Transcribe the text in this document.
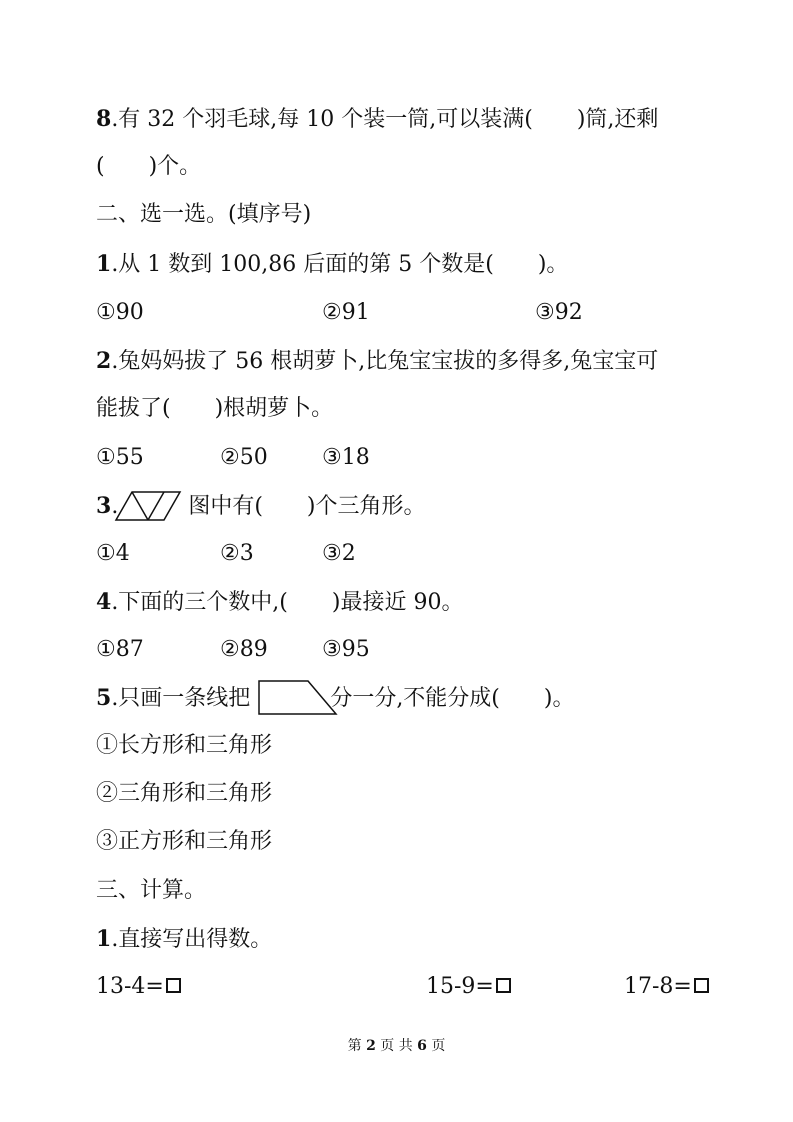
8.有 32 个羽毛球,每 10 个装一筒,可以装满(　　)筒,还剩
(　　)个。
二、选一选。(填序号)
1.从 1 数到 100,86 后面的第 5 个数是(　　)。
①90	②91	③92
2.兔妈妈拔了 56 根胡萝卜,比兔宝宝拔的多得多,兔宝宝可
能拔了(　　)根胡萝卜。
①55	②50 ③18
3.	图中有(　　)个三角形。
①4	②3	③2
4.下面的三个数中,(　　)最接近 90。
①87	②89 ③95
5.只画一条线把	分一分,不能分成(　　)。
①长方形和三角形
②三角形和三角形
③正方形和三角形
三、计算。
1.直接写出得数。
13-4=	15-9=	17-8=
第 2 页 共 6 页
